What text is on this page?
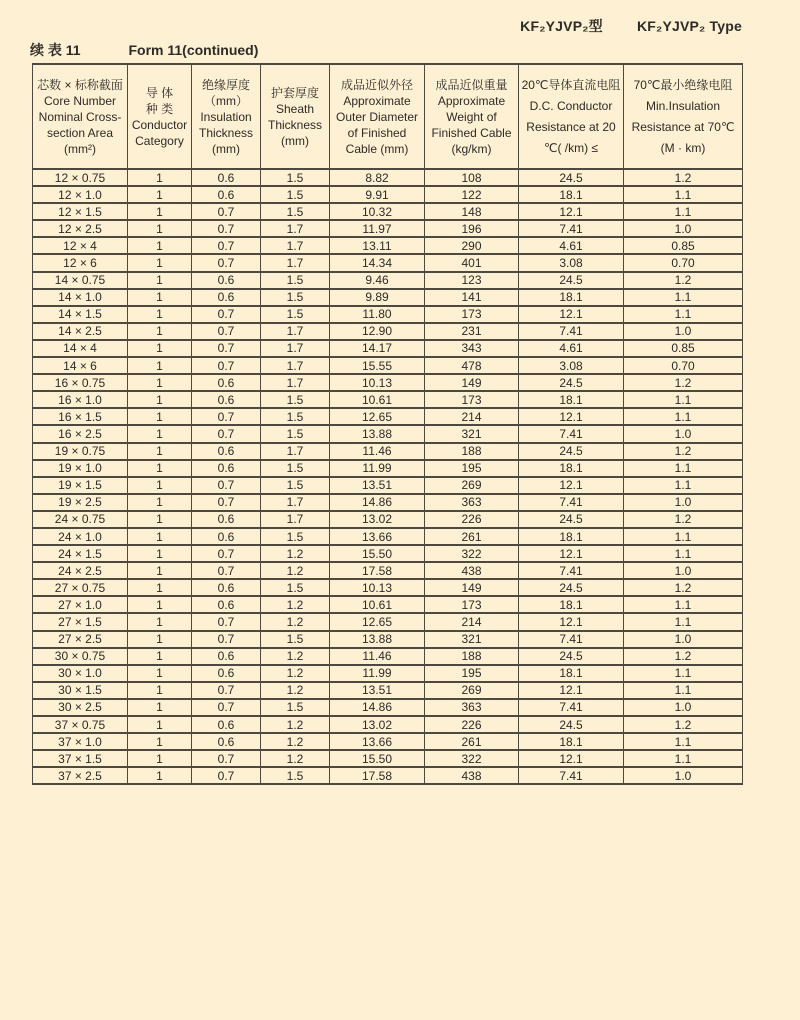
KF₂YJVP₂型 KF₂YJVP₂ Type
续 表 11	Form 11(continued)
芯数 × 标称截面
Core Number
Nominal Cross-
section Area
(mm²)	导 体
种 类
Conductor
Category	绝缘厚度
（mm）
Insulation
Thickness
(mm)	护套厚度
Sheath
Thickness
(mm)	成品近似外径
Approximate
Outer Diameter
of Finished
Cable (mm)	成品近似重量
Approximate
Weight of
Finished Cable
(kg/km)	20℃导体直流电阻
D.C. Conductor
Resistance at 20
℃( /km) ≤	70℃最小绝缘电阻
Min.Insulation
Resistance at 70℃
(M · km)
12 × 0.75	1	0.6	1.5	8.82	108	24.5	1.2
12 × 1.0	1	0.6	1.5	9.91	122	18.1	1.1
12 × 1.5	1	0.7	1.5	10.32	148	12.1	1.1
12 × 2.5	1	0.7	1.7	11.97	196	7.41	1.0
12 × 4	1	0.7	1.7	13.11	290	4.61	0.85
12 × 6	1	0.7	1.7	14.34	401	3.08	0.70
14 × 0.75	1	0.6	1.5	9.46	123	24.5	1.2
14 × 1.0	1	0.6	1.5	9.89	141	18.1	1.1
14 × 1.5	1	0.7	1.5	11.80	173	12.1	1.1
14 × 2.5	1	0.7	1.7	12.90	231	7.41	1.0
14 × 4	1	0.7	1.7	14.17	343	4.61	0.85
14 × 6	1	0.7	1.7	15.55	478	3.08	0.70
16 × 0.75	1	0.6	1.7	10.13	149	24.5	1.2
16 × 1.0	1	0.6	1.5	10.61	173	18.1	1.1
16 × 1.5	1	0.7	1.5	12.65	214	12.1	1.1
16 × 2.5	1	0.7	1.5	13.88	321	7.41	1.0
19 × 0.75	1	0.6	1.7	11.46	188	24.5	1.2
19 × 1.0	1	0.6	1.5	11.99	195	18.1	1.1
19 × 1.5	1	0.7	1.5	13.51	269	12.1	1.1
19 × 2.5	1	0.7	1.7	14.86	363	7.41	1.0
24 × 0.75	1	0.6	1.7	13.02	226	24.5	1.2
24 × 1.0	1	0.6	1.5	13.66	261	18.1	1.1
24 × 1.5	1	0.7	1.2	15.50	322	12.1	1.1
24 × 2.5	1	0.7	1.2	17.58	438	7.41	1.0
27 × 0.75	1	0.6	1.5	10.13	149	24.5	1.2
27 × 1.0	1	0.6	1.2	10.61	173	18.1	1.1
27 × 1.5	1	0.7	1.2	12.65	214	12.1	1.1
27 × 2.5	1	0.7	1.5	13.88	321	7.41	1.0
30 × 0.75	1	0.6	1.2	11.46	188	24.5	1.2
30 × 1.0	1	0.6	1.2	11.99	195	18.1	1.1
30 × 1.5	1	0.7	1.2	13.51	269	12.1	1.1
30 × 2.5	1	0.7	1.5	14.86	363	7.41	1.0
37 × 0.75	1	0.6	1.2	13.02	226	24.5	1.2
37 × 1.0	1	0.6	1.2	13.66	261	18.1	1.1
37 × 1.5	1	0.7	1.2	15.50	322	12.1	1.1
37 × 2.5	1	0.7	1.5	17.58	438	7.41	1.0
